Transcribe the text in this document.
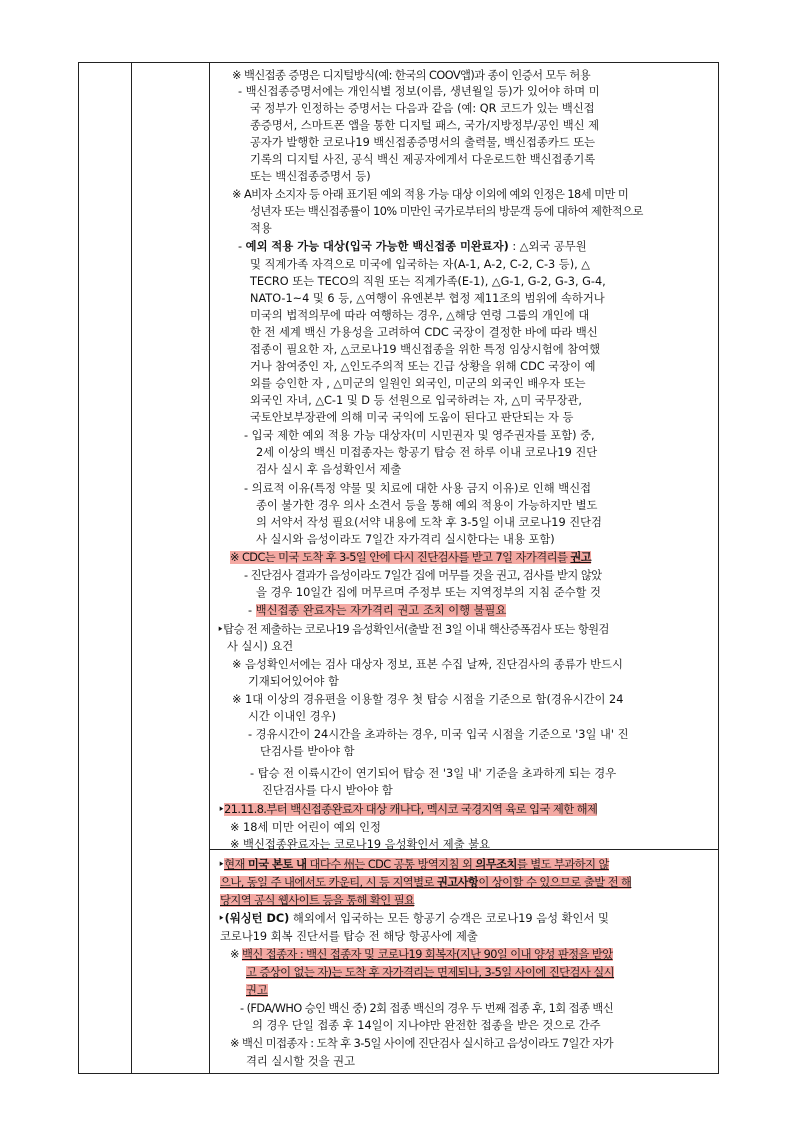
※ 백신접종 증명은 디지털방식(예: 한국의 COOV앱)과 종이 인증서 모두 허용
- 백신접종증명서에는 개인식별 정보(이름, 생년월일 등)가 있어야 하며 미
국 정부가 인정하는 증명서는 다음과 같음 (예: QR 코드가 있는 백신접
종증명서, 스마트폰 앱을 통한 디지털 패스, 국가/지방정부/공인 백신 제
공자가 발행한 코로나19 백신접종증명서의 출력물, 백신접종카드 또는
기록의 디지털 사진, 공식 백신 제공자에게서 다운로드한 백신접종기록
또는 백신접종증명서 등)
※ A비자 소지자 등 아래 표기된 예외 적용 가능 대상 이외에 예외 인정은 18세 미만 미
성년자 또는 백신접종률이 10% 미만인 국가로부터의 방문객 등에 대하여 제한적으로
적용
- 예외 적용 가능 대상(입국 가능한 백신접종 미완료자) : △외국 공무원
및 직계가족 자격으로 미국에 입국하는 자(A-1, A-2, C-2, C-3 등), △
TECRO 또는 TECO의 직원 또는 직계가족(E-1), △G-1, G-2, G-3, G-4,
NATO-1~4 및 6 등, △여행이 유엔본부 협정 제11조의 범위에 속하거나
미국의 법적의무에 따라 여행하는 경우, △해당 연령 그룹의 개인에 대
한 전 세계 백신 가용성을 고려하여 CDC 국장이 결정한 바에 따라 백신
접종이 필요한 자, △코로나19 백신접종을 위한 특정 임상시험에 참여했
거나 참여중인 자, △인도주의적 또는 긴급 상황을 위해 CDC 국장이 예
외를 승인한 자 , △미군의 일원인 외국인, 미군의 외국인 배우자 또는
외국인 자녀, △C-1 및 D 등 선원으로 입국하려는 자, △미 국무장관,
국토안보부장관에 의해 미국 국익에 도움이 된다고 판단되는 자 등
- 입국 제한 예외 적용 가능 대상자(미 시민권자 및 영주권자를 포함) 중,
2세 이상의 백신 미접종자는 항공기 탑승 전 하루 이내 코로나19 진단
검사 실시 후 음성확인서 제출
- 의료적 이유(특정 약물 및 치료에 대한 사용 금지 이유)로 인해 백신접
종이 불가한 경우 의사 소견서 등을 통해 예외 적용이 가능하지만 별도
의 서약서 작성 필요(서약 내용에 도착 후 3-5일 이내 코로나19 진단검
사 실시와 음성이라도 7일간 자가격리 실시한다는 내용 포함)
※ CDC는 미국 도착 후 3-5일 안에 다시 진단검사를 받고 7일 자가격리를 권고
- 진단검사 결과가 음성이라도 7일간 집에 머무를 것을 권고, 검사를 받지 않았
을 경우 10일간 집에 머무르며 주정부 또는 지역정부의 지침 준수할 것
- 백신접종 완료자는 자가격리 권고 조치 이행 불필요
‣탑승 전 제출하는 코로나19 음성확인서(출발 전 3일 이내 핵산증폭검사 또는 항원검
사 실시) 요건
※ 음성확인서에는 검사 대상자 정보, 표본 수집 날짜, 진단검사의 종류가 반드시
기재되어있어야 함
※ 1대 이상의 경유편을 이용할 경우 첫 탑승 시점을 기준으로 함(경유시간이 24
시간 이내인 경우)
- 경유시간이 24시간을 초과하는 경우, 미국 입국 시점을 기준으로 '3일 내' 진
단검사를 받아야 함
- 탑승 전 이륙시간이 연기되어 탑승 전 '3일 내' 기준을 초과하게 되는 경우
진단검사를 다시 받아야 함
‣21.11.8.부터 백신접종완료자 대상 캐나다, 멕시코 국경지역 육로 입국 제한 해제
※ 18세 미만 어린이 예외 인정
※ 백신접종완료자는 코로나19 음성확인서 제출 불요
‣현재 미국 본토 내 대다수 州는 CDC 공통 방역지침 외 의무조치를 별도 부과하지 않
으나, 동일 주 내에서도 카운티, 시 등 지역별로 권고사항이 상이할 수 있으므로 출발 전 해
당지역 공식 웹사이트 등을 통해 확인 필요
‣(워싱턴 DC) 해외에서 입국하는 모든 항공기 승객은 코로나19 음성 확인서 및
코로나19 회복 진단서를 탑승 전 해당 항공사에 제출
※ 백신 접종자 : 백신 접종자 및 코로나19 회복자(지난 90일 이내 양성 판정을 받았
고 증상이 없는 자)는 도착 후 자가격리는 면제되나, 3-5일 사이에 진단검사 실시
권고
- (FDA/WHO 승인 백신 중) 2회 접종 백신의 경우 두 번째 접종 후, 1회 접종 백신
의 경우 단일 접종 후 14일이 지나야만 완전한 접종을 받은 것으로 간주
※ 백신 미접종자 : 도착 후 3-5일 사이에 진단검사 실시하고 음성이라도 7일간 자가
격리 실시할 것을 권고
